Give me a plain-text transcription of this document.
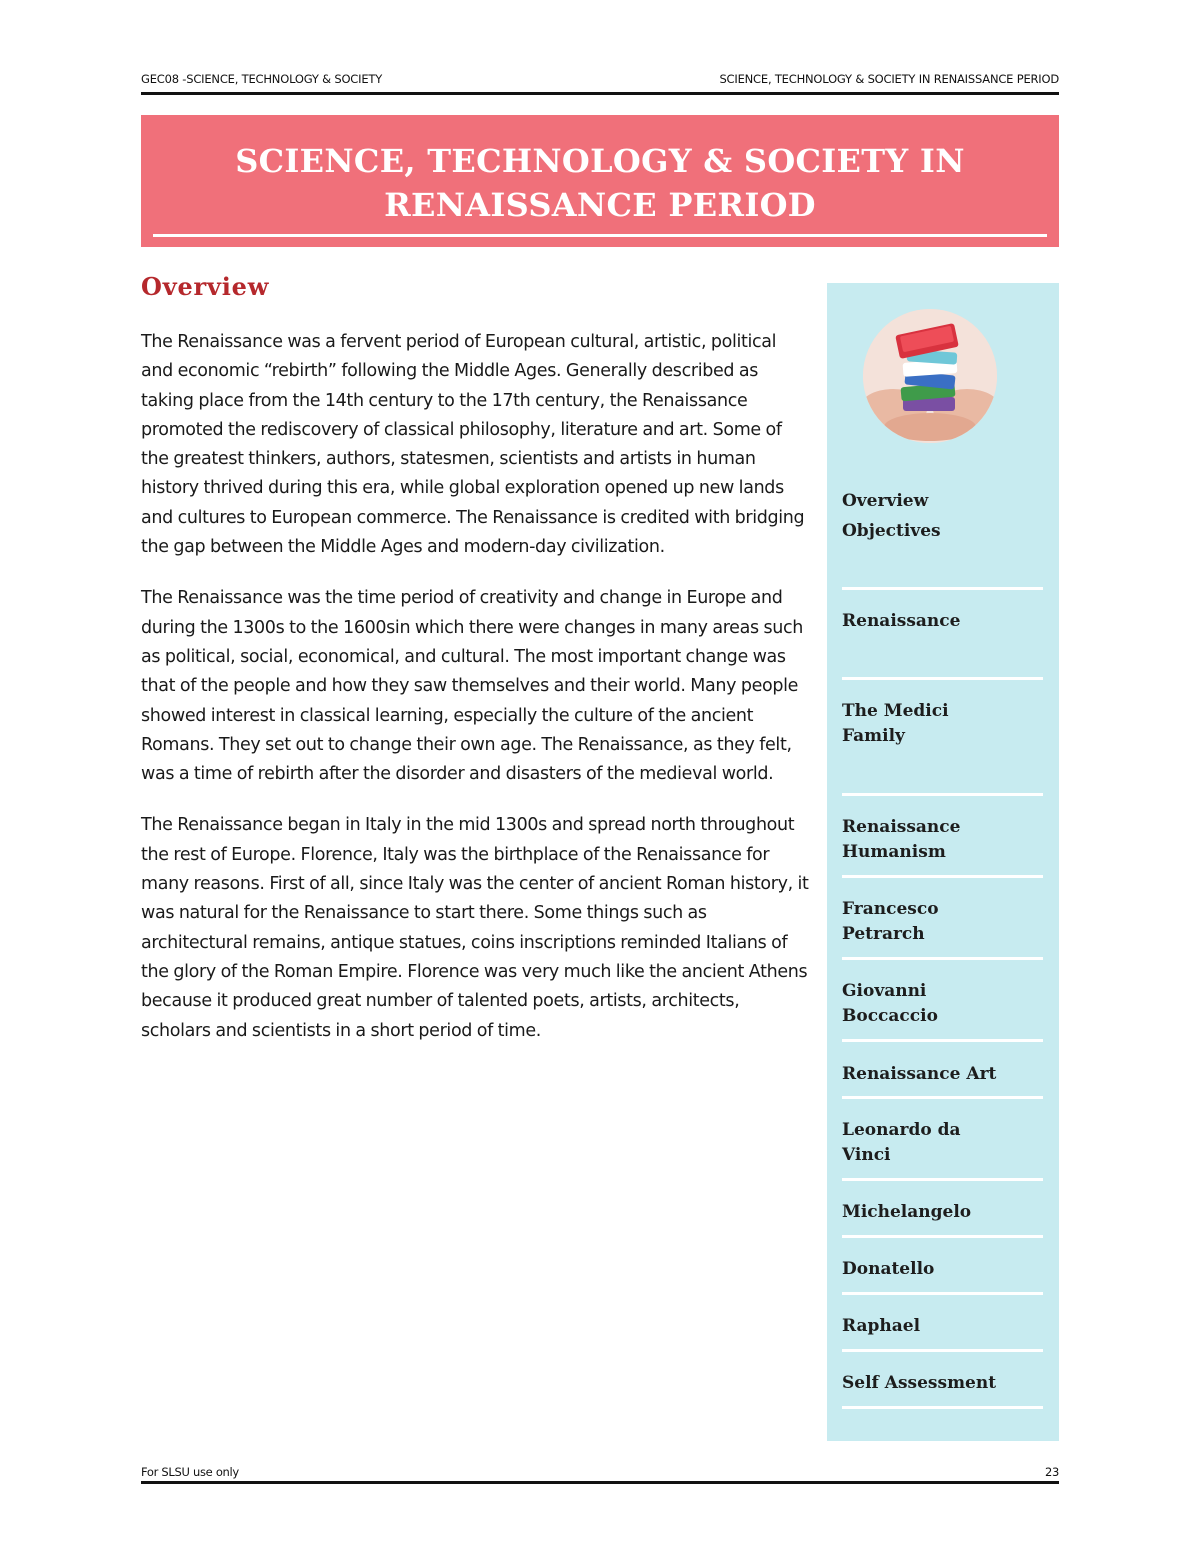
GEC08 -SCIENCE, TECHNOLOGY & SOCIETY	SCIENCE, TECHNOLOGY & SOCIETY IN RENAISSANCE PERIOD
SCIENCE, TECHNOLOGY & SOCIETY IN
RENAISSANCE PERIOD
Overview

The Renaissance was a fervent period of European cultural, artistic, political and economic “rebirth” following the Middle Ages. Generally described as taking place from the 14th century to the 17th century, the Renaissance promoted the rediscovery of classical philosophy, literature and art. Some of the greatest thinkers, authors, statesmen, scientists and artists in human history thrived during this era, while global exploration opened up new lands and cultures to European commerce. The Renaissance is credited with bridging the gap between the Middle Ages and modern-day civilization.

The Renaissance was the time period of creativity and change in Europe and during the 1300s to the 1600sin which there were changes in many areas such as political, social, economical, and cultural. The most important change was that of the people and how they saw themselves and their world. Many people showed interest in classical learning, especially the culture of the ancient Romans. They set out to change their own age. The Renaissance, as they felt, was a time of rebirth after the disorder and disasters of the medieval world.

The Renaissance began in Italy in the mid 1300s and spread north throughout the rest of Europe. Florence, Italy was the birthplace of the Renaissance for many reasons. First of all, since Italy was the center of ancient Roman history, it was natural for the Renaissance to start there. Some things such as architectural remains, antique statues, coins inscriptions reminded Italians of the glory of the Roman Empire. Florence was very much like the ancient Athens because it produced great number of talented poets, artists, architects, scholars and scientists in a short period of time.

Overview
Objectives
Renaissance
The Medici
Family
Renaissance
Humanism
Francesco
Petrarch
Giovanni
Boccaccio
Renaissance Art
Leonardo da
Vinci
Michelangelo
Donatello
Raphael
Self Assessment
For SLSU use only	23
